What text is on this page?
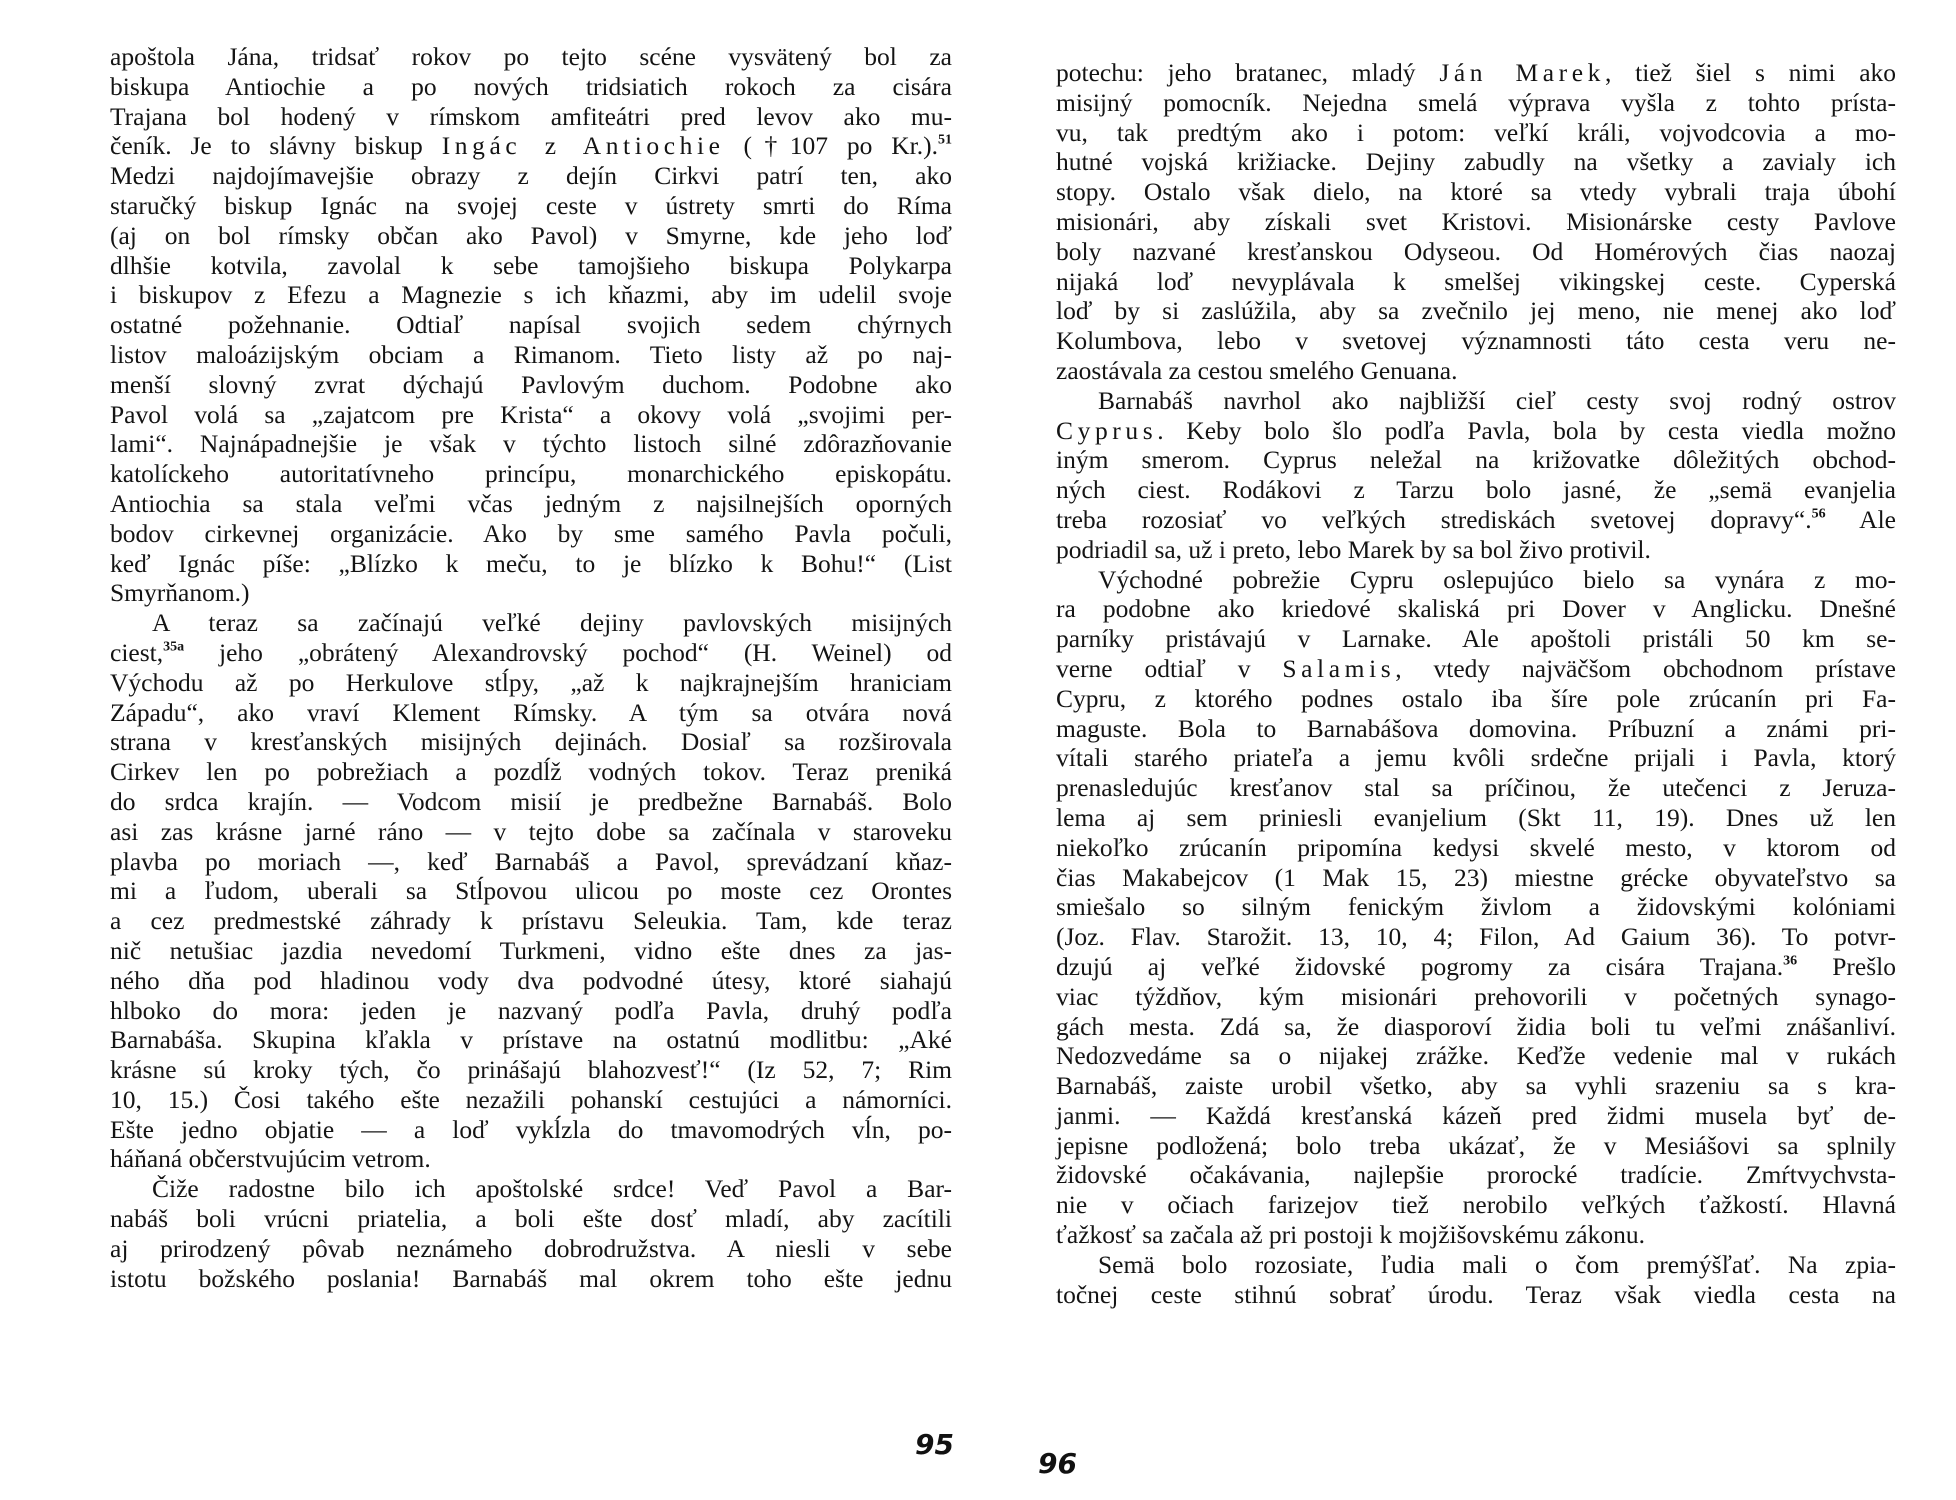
apoštola Jána, tridsať rokov po tejto scéne vysvätený bol za
biskupa Antiochie a po nových tridsiatich rokoch za cisára
Trajana bol hodený v rímskom amfiteátri pred levov ako mu-
čeník. Je to slávny biskup Ingác z Antiochie (†107 po Kr.).$^{51}$
Medzi najdojímavejšie obrazy z dejín Cirkvi patrí ten, ako
staručký biskup Ignác na svojej ceste v ústrety smrti do Ríma
(aj on bol rímsky občan ako Pavol) v Smyrne, kde jeho loď
dlhšie kotvila, zavolal k sebe tamojšieho biskupa Polykarpa
i biskupov z Efezu a Magnezie s ich kňazmi, aby im udelil svoje
ostatné požehnanie. Odtiaľ napísal svojich sedem chýrnych
listov maloázijským obciam a Rimanom. Tieto listy až po naj-
menší slovný zvrat dýchajú Pavlovým duchom. Podobne ako
Pavol volá sa „zajatcom pre Krista“ a okovy volá „svojimi per-
lami“. Najnápadnejšie je však v týchto listoch silné zdôrazňovanie
katolíckeho autoritatívneho princípu, monarchického episkopátu.
Antiochia sa stala veľmi včas jedným z najsilnejších oporných
bodov cirkevnej organizácie. Ako by sme samého Pavla počuli,
keď Ignác píše: „Blízko k meču, to je blízko k Bohu!“ (List
Smyrňanom.)
A teraz sa začínajú veľké dejiny pavlovských misijných
ciest,$^{35a}$ jeho „obrátený Alexandrovský pochod“ (H. Weinel) od
Východu až po Herkulove stĺpy, „až k najkrajnejším hraniciam
Západu“, ako vraví Klement Rímsky. A tým sa otvára nová
strana v kresťanských misijných dejinách. Dosiaľ sa rozširovala
Cirkev len po pobrežiach a pozdĺž vodných tokov. Teraz preniká
do srdca krajín. — Vodcom misií je predbežne Barnabáš. Bolo
asi zas krásne jarné ráno — v tejto dobe sa začínala v staroveku
plavba po moriach —, keď Barnabáš a Pavol, sprevádzaní kňaz-
mi a ľudom, uberali sa Stĺpovou ulicou po moste cez Orontes
a cez predmestské záhrady k prístavu Seleukia. Tam, kde teraz
nič netušiac jazdia nevedomí Turkmeni, vidno ešte dnes za jas-
ného dňa pod hladinou vody dva podvodné útesy, ktoré siahajú
hlboko do mora: jeden je nazvaný podľa Pavla, druhý podľa
Barnabáša. Skupina kľakla v prístave na ostatnú modlitbu: „Aké
krásne sú kroky tých, čo prinášajú blahozvesť!“ (Iz 52, 7; Rim
10, 15.) Čosi takého ešte nezažili pohanskí cestujúci a námorníci.
Ešte jedno objatie — a loď vykĺzla do tmavomodrých vĺn, po-
háňaná občerstvujúcim vetrom.
Čiže radostne bilo ich apoštolské srdce! Veď Pavol a Bar-
nabáš boli vrúcni priatelia, a boli ešte dosť mladí, aby zacítili
aj prirodzený pôvab neznámeho dobrodružstva. A niesli v sebe
istotu božského poslania! Barnabáš mal okrem toho ešte jednu
95
potechu: jeho bratanec, mladý Ján Marek, tiež šiel s nimi ako
misijný pomocník. Nejedna smelá výprava vyšla z tohto prísta-
vu, tak predtým ako i potom: veľkí králi, vojvodcovia a mo-
hutné vojská križiacke. Dejiny zabudly na všetky a zavialy ich
stopy. Ostalo však dielo, na ktoré sa vtedy vybrali traja úbohí
misionári, aby získali svet Kristovi. Misionárske cesty Pavlove
boly nazvané kresťanskou Odyseou. Od Homérových čias naozaj
nijaká loď nevyplávala k smelšej vikingskej ceste. Cyperská
loď by si zaslúžila, aby sa zvečnilo jej meno, nie menej ako loď
Kolumbova, lebo v svetovej významnosti táto cesta veru ne-
zaostávala za cestou smelého Genuana.
Barnabáš navrhol ako najbližší cieľ cesty svoj rodný ostrov
Cyprus. Keby bolo šlo podľa Pavla, bola by cesta viedla možno
iným smerom. Cyprus neležal na križovatke dôležitých obchod-
ných ciest. Rodákovi z Tarzu bolo jasné, že „semä evanjelia
treba rozosiať vo veľkých strediskách svetovej dopravy“.$^{56}$ Ale
podriadil sa, už i preto, lebo Marek by sa bol živo protivil.
Východné pobrežie Cypru oslepujúco bielo sa vynára z mo-
ra podobne ako kriedové skaliská pri Dover v Anglicku. Dnešné
parníky pristávajú v Larnake. Ale apoštoli pristáli 50 km se-
verne odtiaľ v Salamis, vtedy najväčšom obchodnom prístave
Cypru, z ktorého podnes ostalo iba šíre pole zrúcanín pri Fa-
maguste. Bola to Barnabášova domovina. Príbuzní a známi pri-
vítali starého priateľa a jemu kvôli srdečne prijali i Pavla, ktorý
prenasledujúc kresťanov stal sa príčinou, že utečenci z Jeruza-
lema aj sem priniesli evanjelium (Skt 11, 19). Dnes už len
niekoľko zrúcanín pripomína kedysi skvelé mesto, v ktorom od
čias Makabejcov (1 Mak 15, 23) miestne grécke obyvateľstvo sa
smiešalo so silným fenickým živlom a židovskými kolóniami
(Joz. Flav. Starožit. 13, 10, 4; Filon, Ad Gaium 36). To potvr-
dzujú aj veľké židovské pogromy za cisára Trajana.$^{36}$ Prešlo
viac týždňov, kým misionári prehovorili v početných synago-
gách mesta. Zdá sa, že diasporoví židia boli tu veľmi znášanliví.
Nedozvedáme sa o nijakej zrážke. Keďže vedenie mal v rukách
Barnabáš, zaiste urobil všetko, aby sa vyhli srazeniu sa s kra-
janmi. — Každá kresťanská kázeň pred židmi musela byť de-
jepisne podložená; bolo treba ukázať, že v Mesiášovi sa splnily
židovské očakávania, najlepšie prorocké tradície. Zmŕtvychvsta-
nie v očiach farizejov tiež nerobilo veľkých ťažkostí. Hlavná
ťažkosť sa začala až pri postoji k mojžišovskému zákonu.
Semä bolo rozosiate, ľudia mali o čom premýšľať. Na zpia-
točnej ceste stihnú sobrať úrodu. Teraz však viedla cesta na
96
